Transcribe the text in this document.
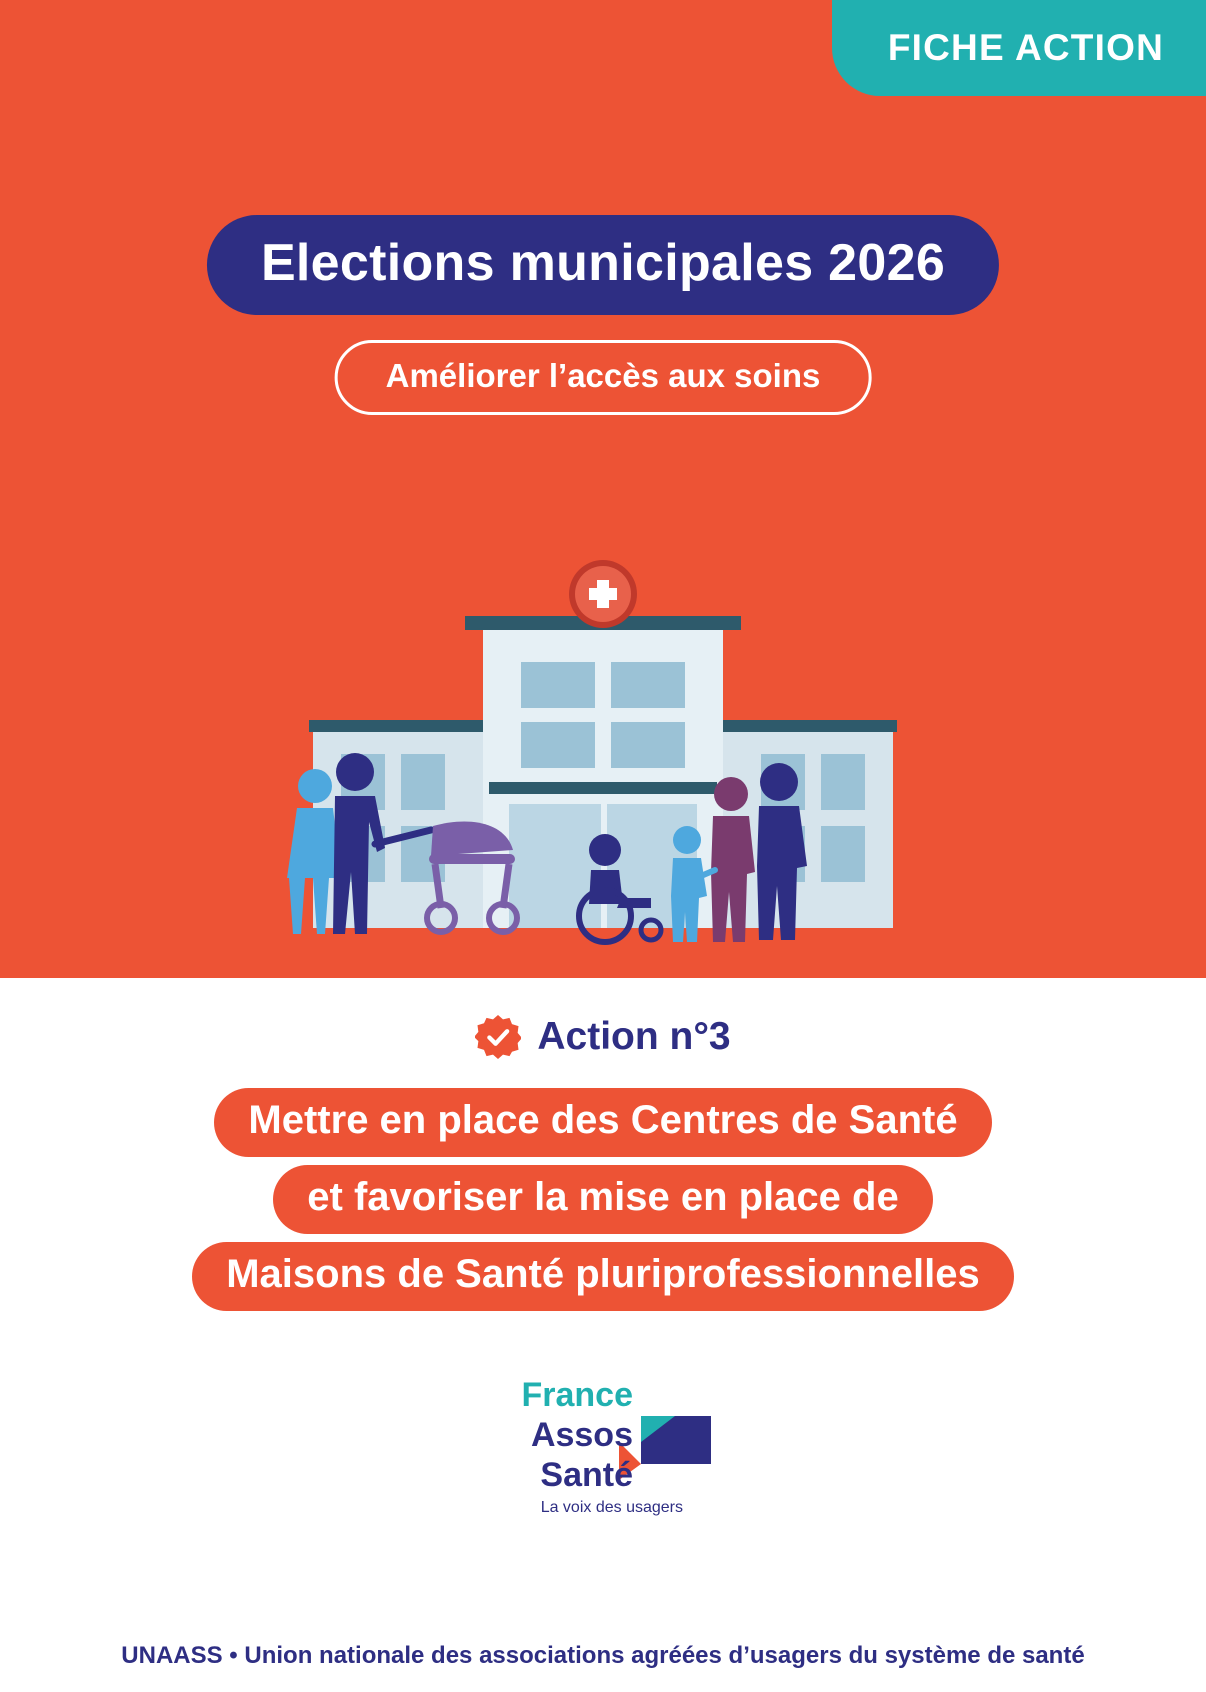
FICHE ACTION
Elections municipales 2026
Améliorer l’accès aux soins
Action n°3
Mettre en place des Centres de Santé
et favoriser la mise en place de
Maisons de Santé pluriprofessionnelles
France
Assos
Santé
La voix des usagers
UNAASS • Union nationale des associations agréées d’usagers du système de santé
